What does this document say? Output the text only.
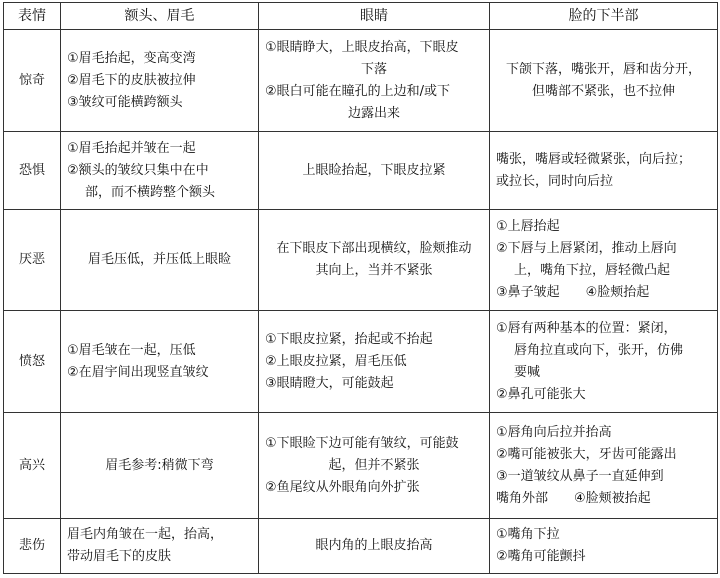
表情	额头、眉毛	眼睛	脸的下半部
惊奇	①眉毛抬起，变高变湾
②眉毛下的皮肤被拉伸
③皱纹可能横跨额头	①眼睛睁大，上眼皮抬高，下眼皮
下落
②眼白可能在瞳孔的上边和/或下
边露出来	下颌下落，嘴张开，唇和齿分开，
但嘴部不紧张，也不拉伸

恐惧	①眉毛抬起并皱在一起
②额头的皱纹只集中在中
部，而不横跨整个额头	上眼睑抬起，下眼皮拉紧	嘴张，嘴唇或轻微紧张，向后拉；
或拉长，同时向后拉

厌恶	眉毛压低，并压低上眼睑	在下眼皮下部出现横纹，脸颊推动
其向上，当并不紧张	①上唇抬起
②下唇与上唇紧闭，推动上唇向
上，嘴角下拉，唇轻微凸起
③鼻子皱起 ④脸颊抬起

愤怒	①眉毛皱在一起，压低
②在眉宇间出现竖直皱纹	①下眼皮拉紧，抬起或不抬起
②上眼皮拉紧，眉毛压低
③眼睛瞪大，可能鼓起	①唇有两种基本的位置：紧闭，
唇角拉直或向下，张开，仿佛
要喊
②鼻孔可能张大

高兴	眉毛参考:稍微下弯	①下眼睑下边可能有皱纹，可能鼓
起，但并不紧张
②鱼尾纹从外眼角向外扩张	①唇角向后拉并抬高
②嘴可能被张大，牙齿可能露出
③一道皱纹从鼻子一直延伸到
嘴角外部 ④脸颊被抬起

悲伤	眉毛内角皱在一起，抬高，
带动眉毛下的皮肤	眼内角的上眼皮抬高	①嘴角下拉
②嘴角可能颤抖
